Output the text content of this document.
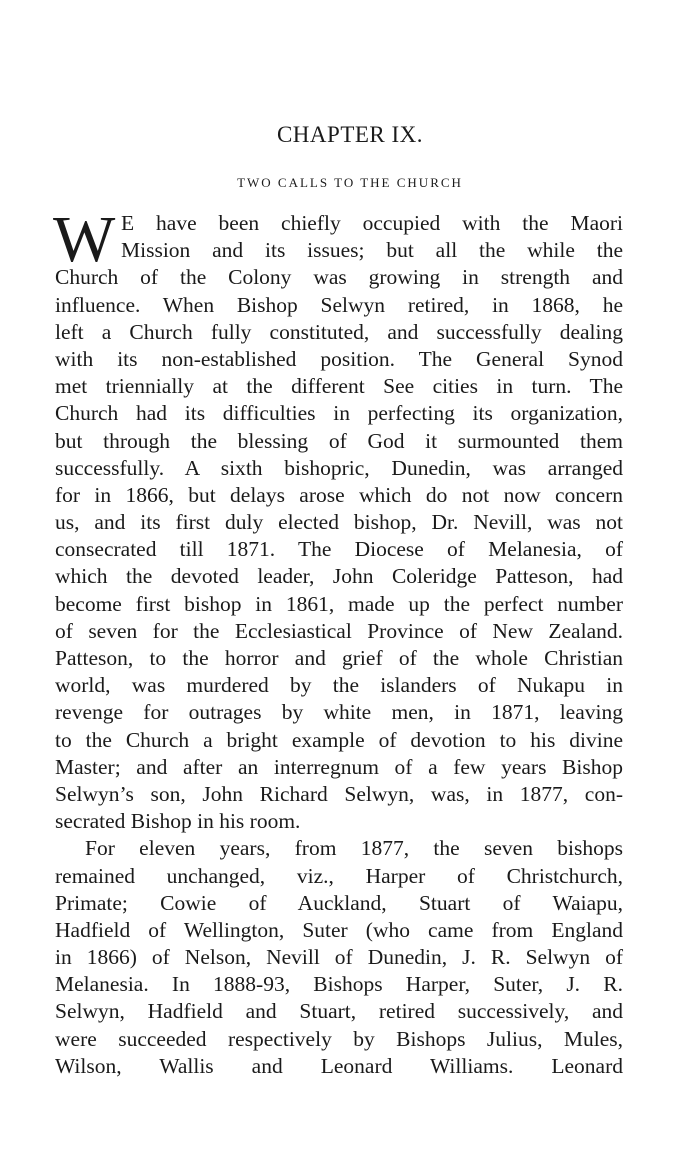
CHAPTER IX.
TWO CALLS TO THE CHURCH
W E have been chiefly occupied with the Maori
Mission and its issues; but all the while the
Church of the Colony was growing in strength and
influence. When Bishop Selwyn retired, in 1868, he
left a Church fully constituted, and successfully dealing
with its non-established position. The General Synod
met triennially at the different See cities in turn. The
Church had its difficulties in perfecting its organization,
but through the blessing of God it surmounted them
successfully. A sixth bishopric, Dunedin, was arranged
for in 1866, but delays arose which do not now concern
us, and its first duly elected bishop, Dr. Nevill, was not
consecrated till 1871. The Diocese of Melanesia, of
which the devoted leader, John Coleridge Patteson, had
become first bishop in 1861, made up the perfect number
of seven for the Ecclesiastical Province of New Zealand.
Patteson, to the horror and grief of the whole Christian
world, was murdered by the islanders of Nukapu in
revenge for outrages by white men, in 1871, leaving
to the Church a bright example of devotion to his divine
Master; and after an interregnum of a few years Bishop
Selwyn’s son, John Richard Selwyn, was, in 1877, con-
secrated Bishop in his room.
For eleven years, from 1877, the seven bishops
remained unchanged, viz., Harper of Christchurch,
Primate; Cowie of Auckland, Stuart of Waiapu,
Hadfield of Wellington, Suter (who came from England
in 1866) of Nelson, Nevill of Dunedin, J. R. Selwyn of
Melanesia. In 1888-93, Bishops Harper, Suter, J. R.
Selwyn, Hadfield and Stuart, retired successively, and
were succeeded respectively by Bishops Julius, Mules,
Wilson, Wallis and Leonard Williams. Leonard
